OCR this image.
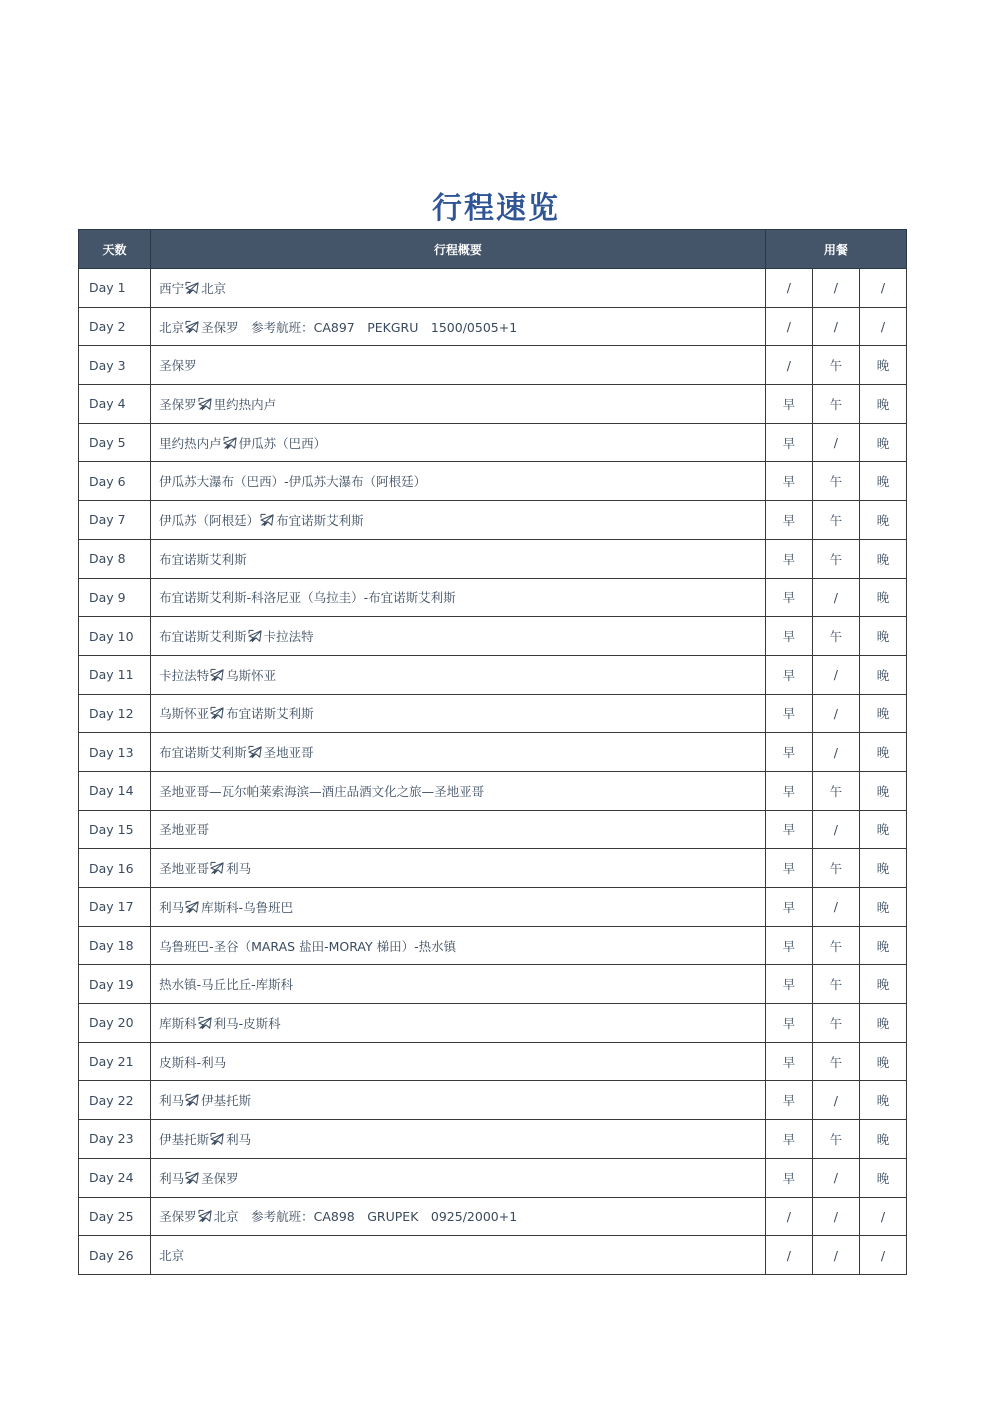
行程速览
天数	行程概要	用餐		
Day 1	西宁 北京	/	/	/
Day 2	北京 圣保罗　参考航班：CA897　PEKGRU　1500/0505+1	/	/	/
Day 3	圣保罗	/	午	晚
Day 4	圣保罗 里约热内卢	早	午	晚
Day 5	里约热内卢 伊瓜苏（巴西）	早	/	晚
Day 6	伊瓜苏大瀑布（巴西）-伊瓜苏大瀑布（阿根廷）	早	午	晚
Day 7	伊瓜苏（阿根廷） 布宜诺斯艾利斯	早	午	晚
Day 8	布宜诺斯艾利斯	早	午	晚
Day 9	布宜诺斯艾利斯-科洛尼亚（乌拉圭）-布宜诺斯艾利斯	早	/	晚
Day 10	布宜诺斯艾利斯 卡拉法特	早	午	晚
Day 11	卡拉法特 乌斯怀亚	早	/	晚
Day 12	乌斯怀亚 布宜诺斯艾利斯	早	/	晚
Day 13	布宜诺斯艾利斯 圣地亚哥	早	/	晚
Day 14	圣地亚哥—瓦尔帕莱索海滨—酒庄品酒文化之旅—圣地亚哥	早	午	晚
Day 15	圣地亚哥	早	/	晚
Day 16	圣地亚哥 利马	早	午	晚
Day 17	利马 库斯科-乌鲁班巴	早	/	晚
Day 18	乌鲁班巴-圣谷（MARAS 盐田-MORAY 梯田）-热水镇	早	午	晚
Day 19	热水镇-马丘比丘-库斯科	早	午	晚
Day 20	库斯科 利马-皮斯科	早	午	晚
Day 21	皮斯科-利马	早	午	晚
Day 22	利马 伊基托斯	早	/	晚
Day 23	伊基托斯 利马	早	午	晚
Day 24	利马 圣保罗	早	/	晚
Day 25	圣保罗 北京　参考航班：CA898　GRUPEK　0925/2000+1	/	/	/
Day 26	北京	/	/	/
